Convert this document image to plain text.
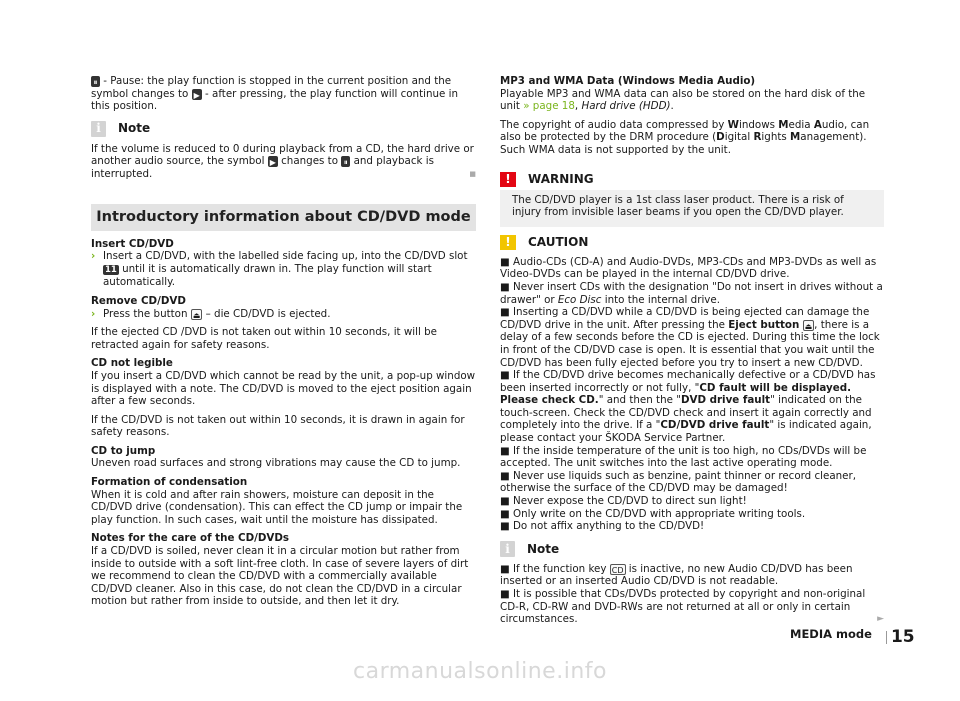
⏸ - Pause: the play function is stopped in the current position and the symbol changes to ▶ - after pressing, the play function will continue in this position.

i	Note

If the volume is reduced to 0 during playback from a CD, the hard drive or another audio source, the symbol ▶ changes to ⏸ and playback is interrupted.	■

Introductory information about CD/DVD mode

Insert CD/DVD

› Insert a CD/DVD, with the labelled side facing up, into the CD/DVD slot 11 until it is automatically drawn in. The play function will start automatically.

Remove CD/DVD

› Press the button ⏏ – die CD/DVD is ejected.

If the ejected CD /DVD is not taken out within 10 seconds, it will be retracted again for safety reasons.

CD not legible

If you insert a CD/DVD which cannot be read by the unit, a pop-up window is displayed with a note. The CD/DVD is moved to the eject position again after a few seconds.

If the CD/DVD is not taken out within 10 seconds, it is drawn in again for safety reasons.

CD to jump

Uneven road surfaces and strong vibrations may cause the CD to jump.

Formation of condensation

When it is cold and after rain showers, moisture can deposit in the CD/DVD drive (condensation). This can effect the CD jump or impair the play function. In such cases, wait until the moisture has dissipated.

Notes for the care of the CD/DVDs

If a CD/DVD is soiled, never clean it in a circular motion but rather from inside to outside with a soft lint-free cloth. In case of severe layers of dirt we recommend to clean the CD/DVD with a commercially available CD/DVD cleaner. Also in this case, do not clean the CD/DVD in a circular motion but rather from inside to outside, and then let it dry.

MP3 and WMA Data (Windows Media Audio)

Playable MP3 and WMA data can also be stored on the hard disk of the unit » page 18, Hard drive (HDD).

The copyright of audio data compressed by Windows Media Audio, can also be protected by the DRM procedure (Digital Rights Management). Such WMA data is not supported by the unit.

!	WARNING
The CD/DVD player is a 1st class laser product. There is a risk of injury from invisible laser beams if you open the CD/DVD player.
!	CAUTION

■ Audio-CDs (CD-A) and Audio-DVDs, MP3-CDs and MP3-DVDs as well as Video-DVDs can be played in the internal CD/DVD drive.

■ Never insert CDs with the designation "Do not insert in drives without a drawer" or Eco Disc into the internal drive.

■ Inserting a CD/DVD while a CD/DVD is being ejected can damage the CD/DVD drive in the unit. After pressing the Eject button ⏏ , there is a delay of a few seconds before the CD is ejected. During this time the lock in front of the CD/DVD case is open. It is essential that you wait until the CD/DVD has been fully ejected before you try to insert a new CD/DVD.

■ If the CD/DVD drive becomes mechanically defective or a CD/DVD has been inserted incorrectly or not fully, "CD fault will be displayed. Please check CD." and then the "DVD drive fault" indicated on the touch-screen. Check the CD/DVD check and insert it again correctly and completely into the drive. If a "CD/DVD drive fault" is indicated again, please contact your ŠKODA Service Partner.

■ If the inside temperature of the unit is too high, no CDs/DVDs will be accepted. The unit switches into the last active operating mode.

■ Never use liquids such as benzine, paint thinner or record cleaner, otherwise the surface of the CD/DVD may be damaged!

■ Never expose the CD/DVD to direct sun light!

■ Only write on the CD/DVD with appropriate writing tools.

■ Do not affix anything to the CD/DVD!

i	Note

■ If the function key CD is inactive, no new Audio CD/DVD has been inserted or an inserted Audio CD/DVD is not readable.

■ It is possible that CDs/DVDs protected by copyright and non-original CD-R, CD-RW and DVD-RWs are not returned at all or only in certain circumstances.	►

MEDIA mode 15
carmanualsonline.info
